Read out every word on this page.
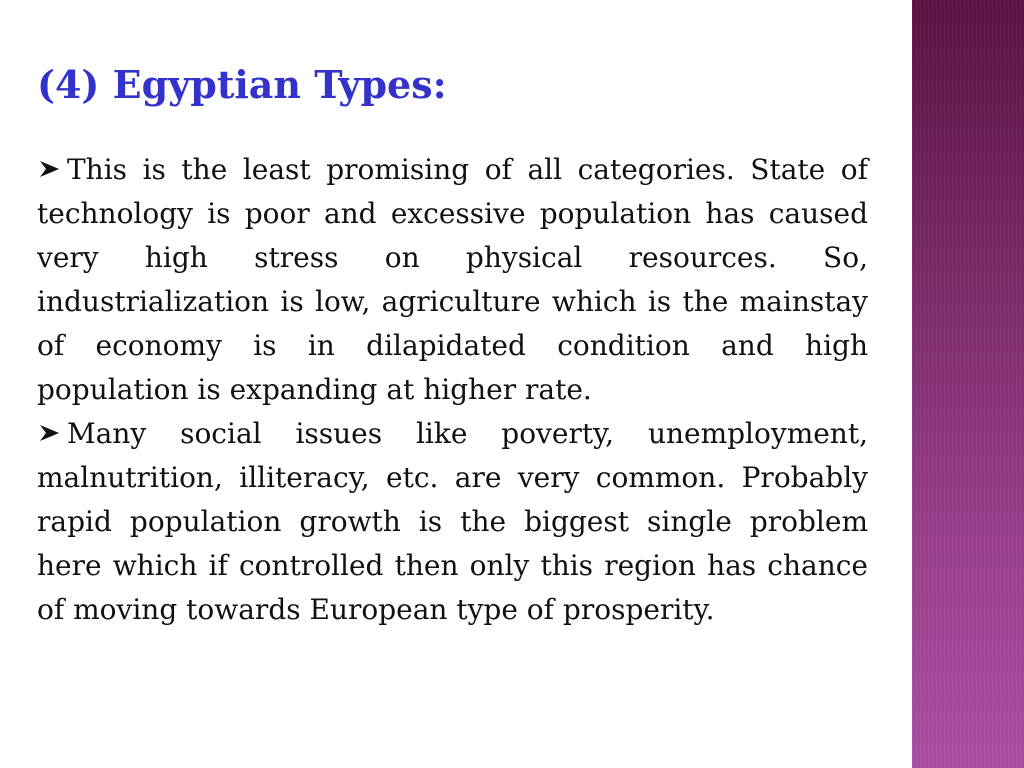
(4) Egyptian Types:

This is the least promising of all categories. State of technology is poor and excessive population has caused very high stress on physical resources. So, industrialization is low, agriculture which is the mainstay of economy is in dilapidated condition and high population is expanding at higher rate.

Many social issues like poverty, unemployment, malnutrition, illiteracy, etc. are very common. Probably rapid population growth is the biggest single problem here which if controlled then only this region has chance of moving towards European type of prosperity.
